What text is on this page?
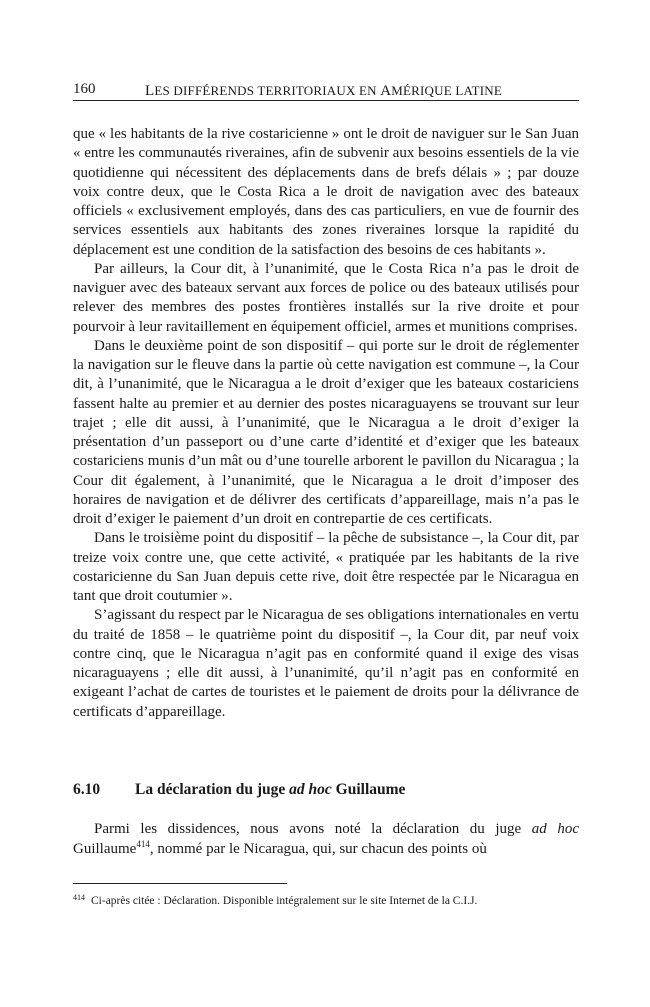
160	LES DIFFÉRENDS TERRITORIAUX EN AMÉRIQUE LATINE

que « les habitants de la rive costaricienne » ont le droit de naviguer sur le San Juan « entre les communautés riveraines, afin de subvenir aux besoins essentiels de la vie quotidienne qui nécessitent des déplacements dans de brefs délais » ; par douze voix contre deux, que le Costa Rica a le droit de navigation avec des bateaux officiels « exclusivement employés, dans des cas particuliers, en vue de fournir des services essentiels aux habitants des zones riveraines lorsque la rapidité du déplacement est une condition de la satisfaction des besoins de ces habitants ».

Par ailleurs, la Cour dit, à l’unanimité, que le Costa Rica n’a pas le droit de naviguer avec des bateaux servant aux forces de police ou des bateaux utilisés pour relever des membres des postes frontières installés sur la rive droite et pour pourvoir à leur ravitaillement en équipement officiel, armes et munitions comprises.

Dans le deuxième point de son dispositif – qui porte sur le droit de réglementer la navigation sur le fleuve dans la partie où cette navigation est commune –, la Cour dit, à l’unanimité, que le Nicaragua a le droit d’exiger que les bateaux costariciens fassent halte au premier et au dernier des postes nicaraguayens se trouvant sur leur trajet ; elle dit aussi, à l’unanimité, que le Nicaragua a le droit d’exiger la présentation d’un passeport ou d’une carte d’identité et d’exiger que les bateaux costariciens munis d’un mât ou d’une tourelle arborent le pavillon du Nicaragua ; la Cour dit également, à l’unanimité, que le Nicaragua a le droit d’imposer des horaires de navigation et de délivrer des certificats d’appareillage, mais n’a pas le droit d’exiger le paiement d’un droit en contrepartie de ces certificats.

Dans le troisième point du dispositif – la pêche de subsistance –, la Cour dit, par treize voix contre une, que cette activité, « pratiquée par les habitants de la rive costaricienne du San Juan depuis cette rive, doit être respectée par le Nicaragua en tant que droit coutumier ».

S’agissant du respect par le Nicaragua de ses obligations internationales en vertu du traité de 1858 – le quatrième point du dispositif –, la Cour dit, par neuf voix contre cinq, que le Nicaragua n’agit pas en conformité quand il exige des visas nicaraguayens ; elle dit aussi, à l’unanimité, qu’il n’agit pas en conformité en exigeant l’achat de cartes de touristes et le paiement de droits pour la délivrance de certificats d’appareillage.

6.10 La déclaration du juge ad hoc Guillaume

Parmi les dissidences, nous avons noté la déclaration du juge ad hoc Guillaume$^{414}$, nommé par le Nicaragua, qui, sur chacun des points où

$^{414}$ Ci-après citée : Déclaration. Disponible intégralement sur le site Internet de la C.I.J.
